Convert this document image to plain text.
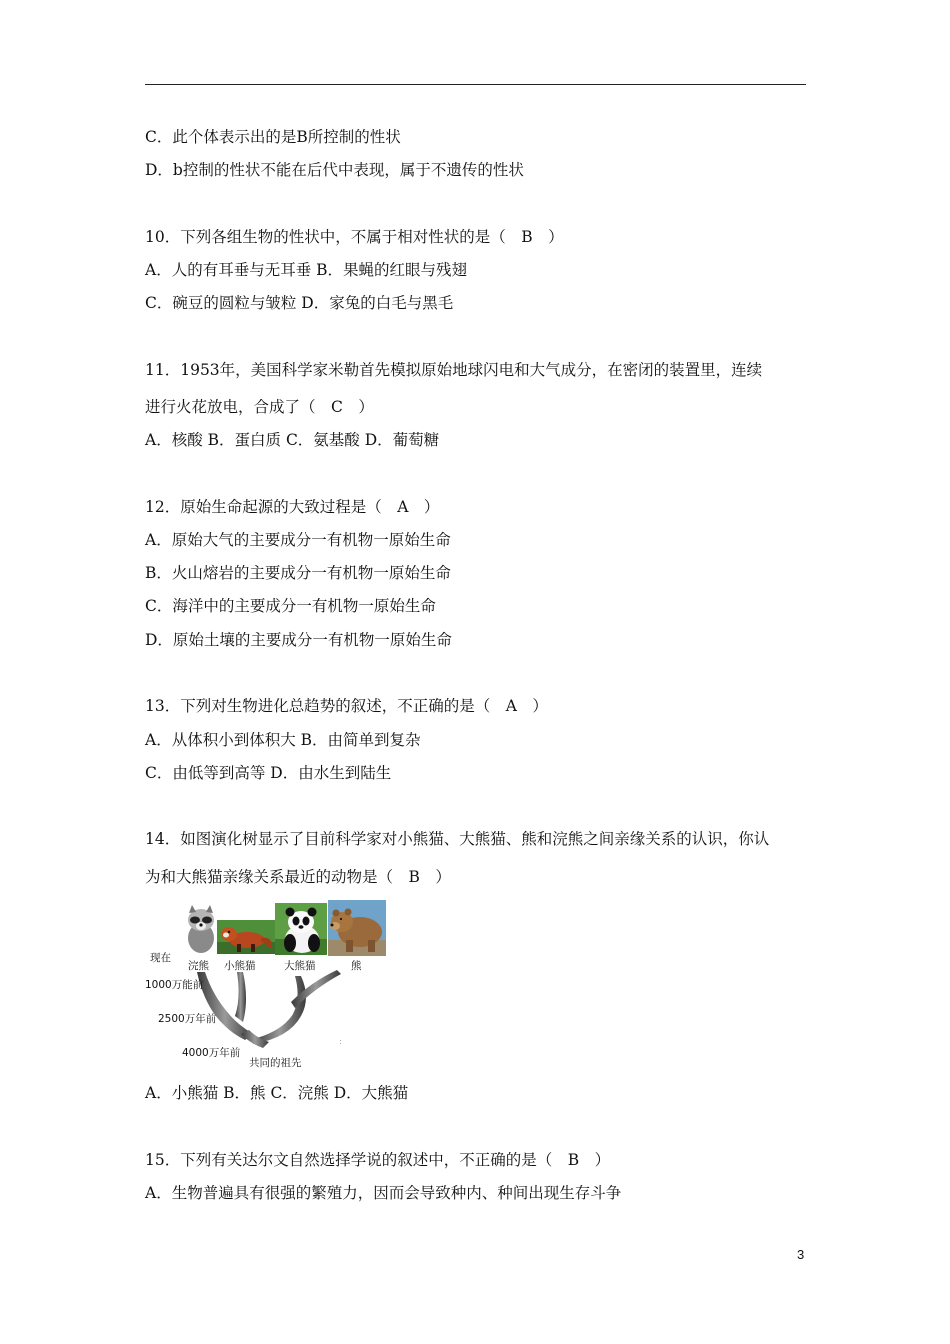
C．此个体表示出的是B所控制的性状
D．b控制的性状不能在后代中表现，属于不遗传的性状
10．下列各组生物的性状中，不属于相对性状的是（　B　）
A．人的有耳垂与无耳垂 B．果蝇的红眼与残翅
C．碗豆的圆粒与皱粒 D．家兔的白毛与黑毛
11．1953年，美国科学家米勒首先模拟原始地球闪电和大气成分，在密闭的装置里，连续
进行火花放电，合成了（　C　）
A．核酸 B．蛋白质 C．氨基酸 D．葡萄糖
12．原始生命起源的大致过程是（　A　）
A．原始大气的主要成分一有机物一原始生命
B．火山熔岩的主要成分一有机物一原始生命
C．海洋中的主要成分一有机物一原始生命
D．原始土壤的主要成分一有机物一原始生命
13．下列对生物进化总趋势的叙述，不正确的是（　A　）
A．从体积小到体积大 B．由简单到复杂
C．由低等到高等 D．由水生到陆生
14．如图演化树显示了目前科学家对小熊猫、大熊猫、熊和浣熊之间亲缘关系的认识，你认
为和大熊猫亲缘关系最近的动物是（　B　）
:
现在
浣熊 小熊猫	大熊猫	熊
1000万能前
2500万年前
4000万年前
共同的祖先
A．小熊猫 B．熊 C．浣熊 D．大熊猫
15．下列有关达尔文自然选择学说的叙述中，不正确的是（　B　）
A．生物普遍具有很强的繁殖力，因而会导致种内、种间出现生存斗争
3
